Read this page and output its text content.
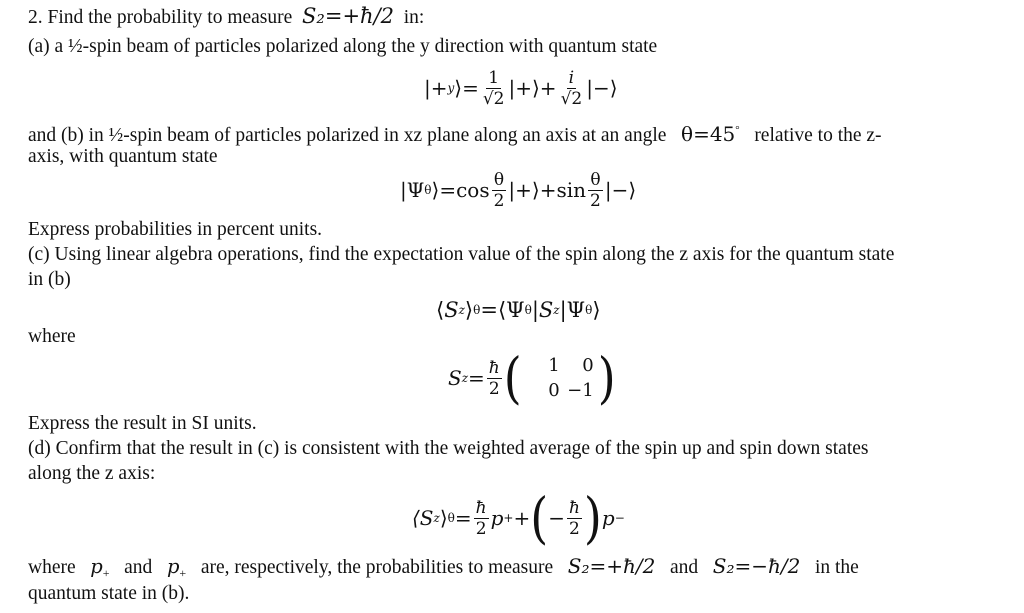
2. Find the probability to measure S₂=+ħ/2 in:
(a) a ½-spin beam of particles polarized along the y direction with quantum state
|+ y ⟩= $\frac{1}{√2}$ |+⟩+ $\frac{i}{√2}$ |−⟩
and (b) in ½-spin beam of particles polarized in xz plane along an axis at an angle θ=45° relative to the z-
axis, with quantum state
|Ψ θ ⟩=cos $\frac{\theta}{2}$ |+⟩+sin $\frac{\theta}{2}$ |−⟩
Express probabilities in percent units.
(c) Using linear algebra operations, find the expectation value of the spin along the z axis for the quantum state
in (b)
⟨ S z ⟩ θ =⟨Ψ θ | S z |Ψ θ ⟩
where
S $z = \frac{ħ}{2}$ (	1	0
0 −1 )
Express the result in SI units.
(d) Confirm that the result in (c) is consistent with the weighted average of the spin up and spin down states
along the z axis:
⟨S z ⟩ $\theta = \frac{ħ}{2}$ p + + ( − $\frac{ħ}{2}$ ) p −
where $p_+$ and $p_+$ are, respectively, the probabilities to measure S₂=+ħ/2 and S₂=−ħ/2 in the
quantum state in (b).
